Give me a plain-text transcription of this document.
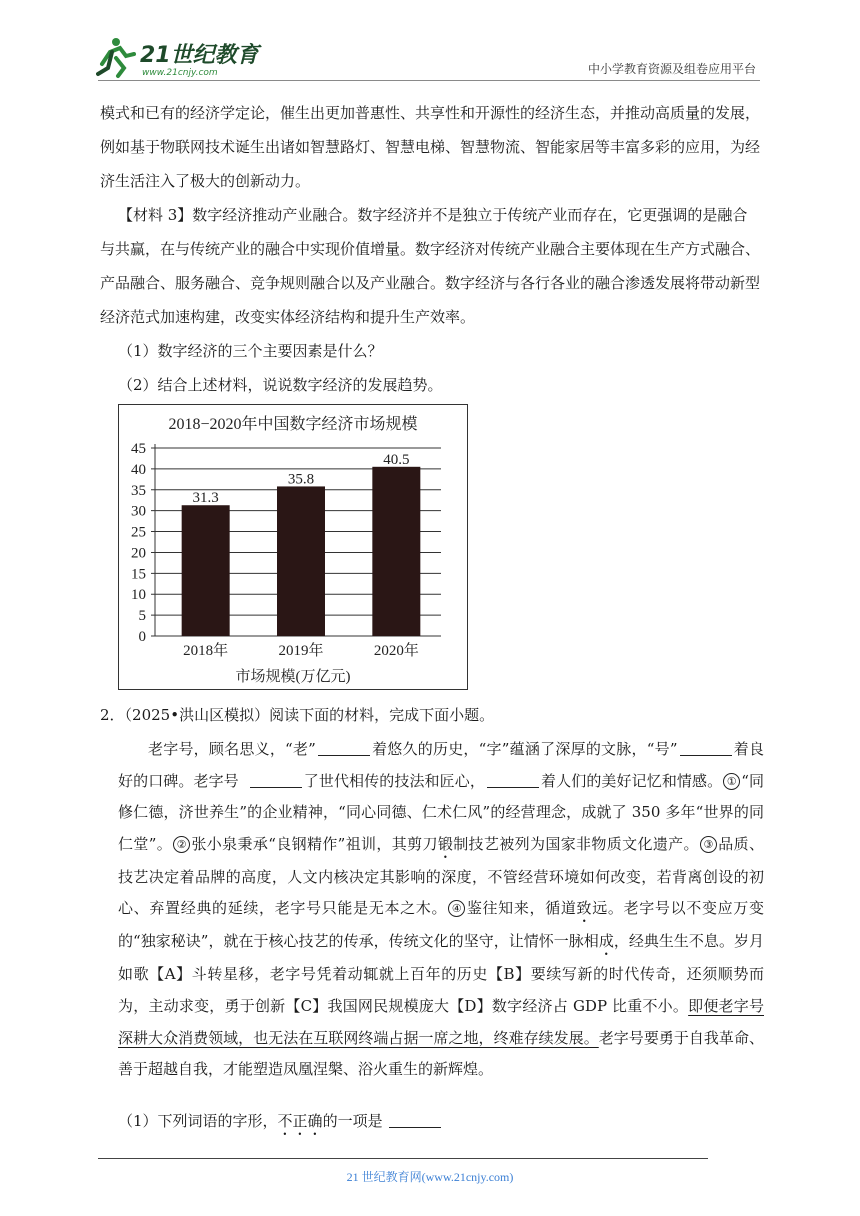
21世纪教育
www.21cnjy.com	中小学教育资源及组卷应用平台

模式和已有的经济学定论，催生出更加普惠性、共享性和开源性的经济生态，并推动高质量的发展，

例如基于物联网技术诞生出诸如智慧路灯、智慧电梯、智慧物流、智能家居等丰富多彩的应用，为经

济生活注入了极大的创新动力。

【材料 3】数字经济推动产业融合。数字经济并不是独立于传统产业而存在，它更强调的是融合

与共赢，在与传统产业的融合中实现价值增量。数字经济对传统产业融合主要体现在生产方式融合、

产品融合、服务融合、竞争规则融合以及产业融合。数字经济与各行各业的融合渗透发展将带动新型

经济范式加速构建，改变实体经济结构和提升生产效率。

（1）数字经济的三个主要因素是什么？

（2）结合上述材料，说说数字经济的发展趋势。

2018−2020年中国数字经济市场规模
0
5
10
15
20
25
30
35
40
45
31.3
2018年
35.8
2019年
40.5
2020年
市场规模(万亿元)
2．（2025•洪山区模拟）阅读下面的材料，完成下面小题。

老字号，顾名思义，“老”	着悠久的历史，“字”蕴涵了深厚的文脉，“号”	着良好的口碑。老字号	了世代相传的技法和匠心，	着人们的美好记忆和情感。 ① “同修仁德，济世养生”的企业精神，“同心同德、仁术仁风”的经营理念，成就了 350 多年“世界的同仁堂”。 ② 张小泉秉承“良钢精作”祖训，其剪刀锻制技艺被列为国家非物质文化遗产。 ③ 品质、技艺决定着品牌的高度，人文内核决定其影响的深度，不管经营环境如何改变，若背离创设的初心、弃置经典的延续，老字号只能是无本之木。 ④ 鉴往知来，循道致远。老字号以不变应万变的“独家秘诀”，就在于核心技艺的传承，传统文化的坚守，让情怀一脉相成，经典生生不息。岁月如歌【A】斗转星移，老字号凭着动辄就上百年的历史【B】要续写新的时代传奇，还须顺势而为，主动求变，勇于创新【C】我国网民规模庞大【D】数字经济占 GDP 比重不小。即便老字号深耕大众消费领域，也无法在互联网终端占据一席之地，终难存续发展。老字号要勇于自我革命、善于超越自我，才能塑造凤凰涅槃、浴火重生的新辉煌。

（1）下列词语的字形，不正确的一项是
21 世纪教育网(www.21cnjy.com)
